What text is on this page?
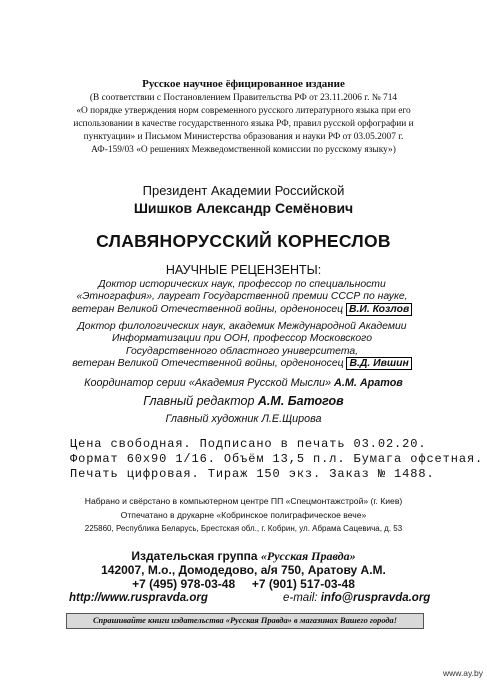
Русское научное ёфицированное издание
(В соответствии с Постановлением Правительства РФ от 23.11.2006 г. № 714
«О порядке утверждения норм современного русского литературного языка при его
использовании в качестве государственного языка РФ, правил русской орфографии и
пунктуации» и Письмом Министерства образования и науки РФ от 03.05.2007 г.
АФ-159/03 «О решениях Межведомственной комиссии по русскому языку»)
Президент Академии Российской
Шишков Александр Семёнович
СЛАВЯНОРУССКИЙ КОРНЕСЛОВ
НАУЧНЫЕ РЕЦЕНЗЕНТЫ:
Доктор исторических наук, профессор по специальности
«Этнография», лауреат Государственной премии СССР по науке,
ветеран Великой Отечественной войны, орденоносец В.И. Козлов
Доктор филологических наук, академик Международной Академии
Информатизации при ООН, профессор Московского
Государственного областного университета,
ветеран Великой Отечественной войны, орденоносец В.Д. Ившин
Координатор серии «Академия Русской Мысли» А.М. Аратов
Главный редактор А.М. Батогов
Главный художник Л.Е.Щирова
Цена свободная. Подписано в печать 03.02.20.
Формат 60х90 1/16. Объём 13,5 п.л. Бумага офсетная.
Печать цифровая. Тираж 150 экз. Заказ № 1488.
Набрано и свёрстано в компьютерном центре ПП «Спецмонтажстрой» (г. Киев)
Отпечатано в друкарне «Кобринское полиграфическое вече»
225860, Республика Беларусь, Брестская обл., г. Кобрин, ул. Абрама Сацевича, д. 53
Издательская группа «Русская Правда»
142007, М.о., Домодедово, а/я 750, Аратову А.М.
+7 (495) 978-03-48     +7 (901) 517-03-48
http://www.ruspravda.org	e-mail: info@ruspravda.org
Спрашивайте книги издательства «Русская Правда» в магазинах Вашего города!
www.ay.by
